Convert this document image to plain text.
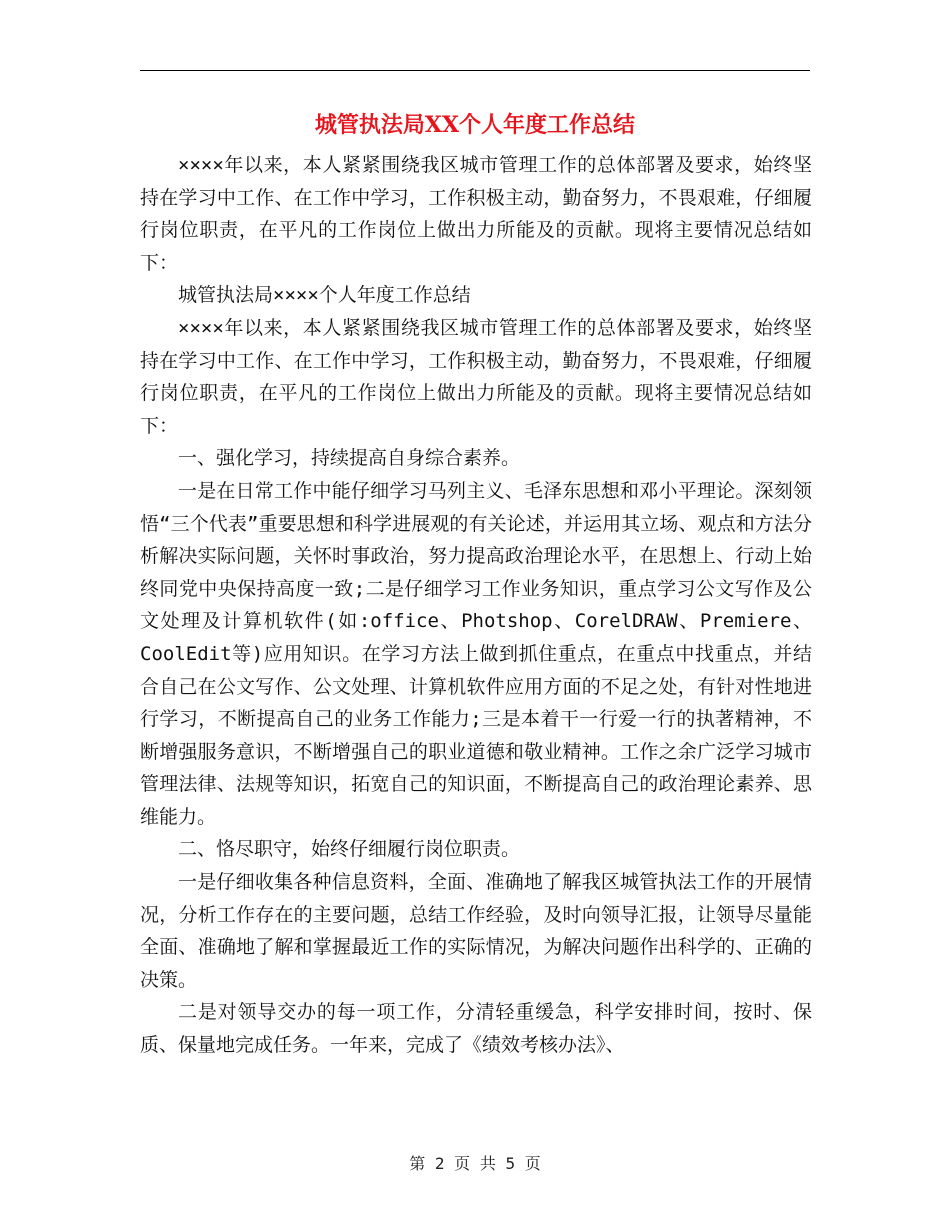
城管执法局XX个人年度工作总结

××××年以来，本人紧紧围绕我区城市管理工作的总体部署及要求，始终坚持在学习中工作、在工作中学习，工作积极主动，勤奋努力，不畏艰难，仔细履行岗位职责，在平凡的工作岗位上做出力所能及的贡献。现将主要情况总结如下：

城管执法局××××个人年度工作总结

××××年以来，本人紧紧围绕我区城市管理工作的总体部署及要求，始终坚持在学习中工作、在工作中学习，工作积极主动，勤奋努力，不畏艰难，仔细履行岗位职责，在平凡的工作岗位上做出力所能及的贡献。现将主要情况总结如下：

一、强化学习，持续提高自身综合素养。

一是在日常工作中能仔细学习马列主义、毛泽东思想和邓小平理论。深刻领悟“三个代表”重要思想和科学进展观的有关论述，并运用其立场、观点和方法分析解决实际问题，关怀时事政治，努力提高政治理论水平，在思想上、行动上始终同党中央保持高度一致;二是仔细学习工作业务知识，重点学习公文写作及公文处理及计算机软件(如:office、Photshop、CorelDRAW、Premiere、 CoolEdit等)应用知识。在学习方法上做到抓住重点，在重点中找重点，并结合自己在公文写作、公文处理、计算机软件应用方面的不足之处，有针对性地进行学习，不断提高自己的业务工作能力;三是本着干一行爱一行的执著精神，不断增强服务意识，不断增强自己的职业道德和敬业精神。工作之余广泛学习城市管理法律、法规等知识，拓宽自己的知识面，不断提高自己的政治理论素养、思维能力。

二、恪尽职守，始终仔细履行岗位职责。

一是仔细收集各种信息资料，全面、准确地了解我区城管执法工作的开展情况，分析工作存在的主要问题，总结工作经验，及时向领导汇报，让领导尽量能全面、准确地了解和掌握最近工作的实际情况，为解决问题作出科学的、正确的决策。

二是对领导交办的每一项工作，分清轻重缓急，科学安排时间，按时、保质、保量地完成任务。一年来，完成了《绩效考核办法》、

第 2 页 共 5 页
